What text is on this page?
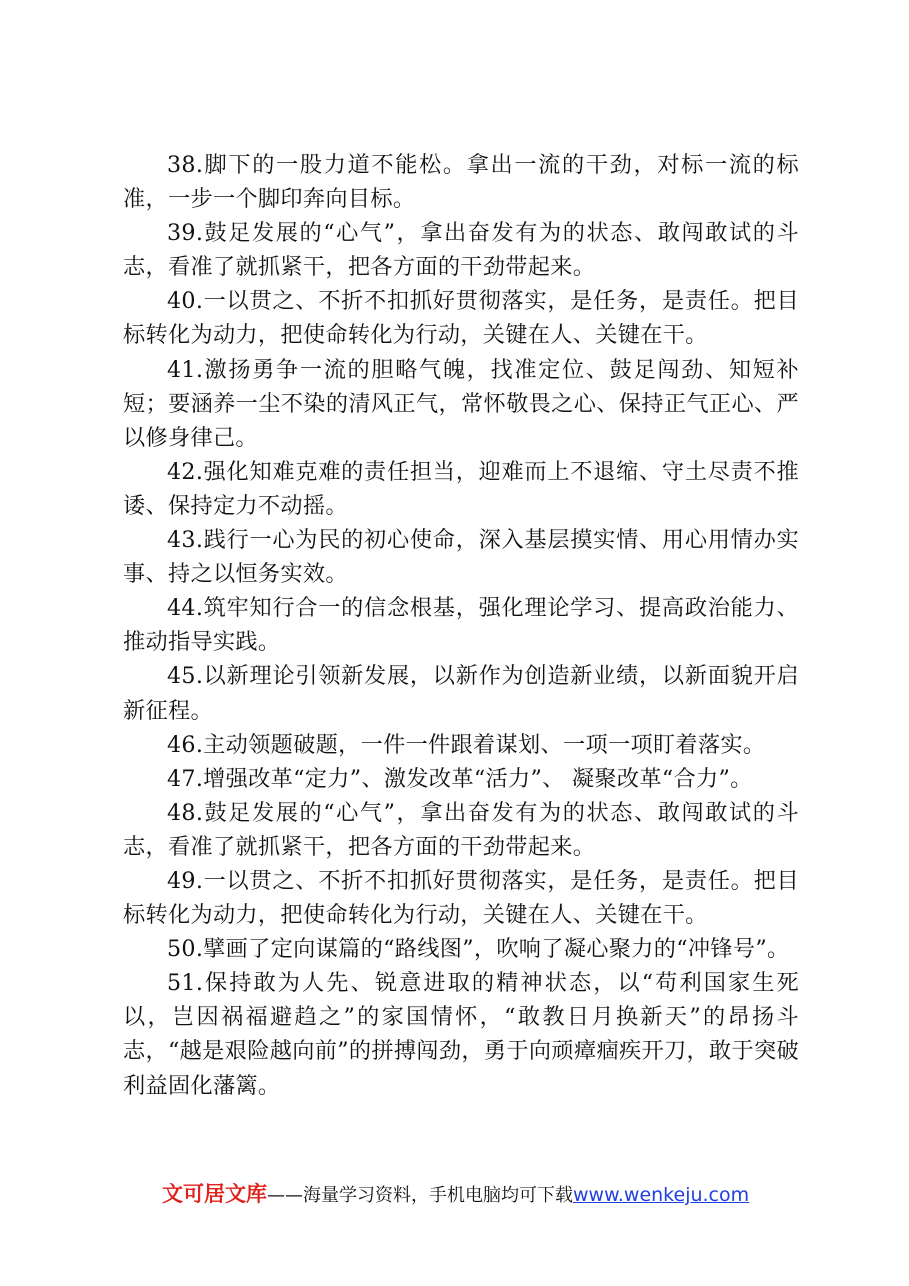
38.脚下的一股力道不能松。拿出一流的干劲，对标一流的标准，一步一个脚印奔向目标。

39.鼓足发展的“心气”，拿出奋发有为的状态、敢闯敢试的斗志，看准了就抓紧干，把各方面的干劲带起来。

40.一以贯之、不折不扣抓好贯彻落实，是任务，是责任。把目标转化为动力，把使命转化为行动，关键在人、关键在干。

41.激扬勇争一流的胆略气魄，找准定位、鼓足闯劲、知短补短；要涵养一尘不染的清风正气，常怀敬畏之心、保持正气正心、严以修身律己。

42.强化知难克难的责任担当，迎难而上不退缩、守土尽责不推诿、保持定力不动摇。

43.践行一心为民的初心使命，深入基层摸实情、用心用情办实事、持之以恒务实效。

44.筑牢知行合一的信念根基，强化理论学习、提高政治能力、推动指导实践。

45.以新理论引领新发展，以新作为创造新业绩，以新面貌开启新征程。

46.主动领题破题，一件一件跟着谋划、一项一项盯着落实。

47.增强改革“定力”、激发改革“活力”、 凝聚改革“合力”。

48.鼓足发展的“心气”，拿出奋发有为的状态、敢闯敢试的斗志，看准了就抓紧干，把各方面的干劲带起来。

49.一以贯之、不折不扣抓好贯彻落实，是任务，是责任。把目标转化为动力，把使命转化为行动，关键在人、关键在干。

50.擘画了定向谋篇的“路线图”，吹响了凝心聚力的“冲锋号”。

51.保持敢为人先、锐意进取的精神状态，以“苟利国家生死以，岂因祸福避趋之”的家国情怀，“敢教日月换新天”的昂扬斗志，“越是艰险越向前”的拼搏闯劲，勇于向顽瘴痼疾开刀，敢于突破利益固化藩篱。

文可居文库——海量学习资料，手机电脑均可下载www.wenkeju.com
